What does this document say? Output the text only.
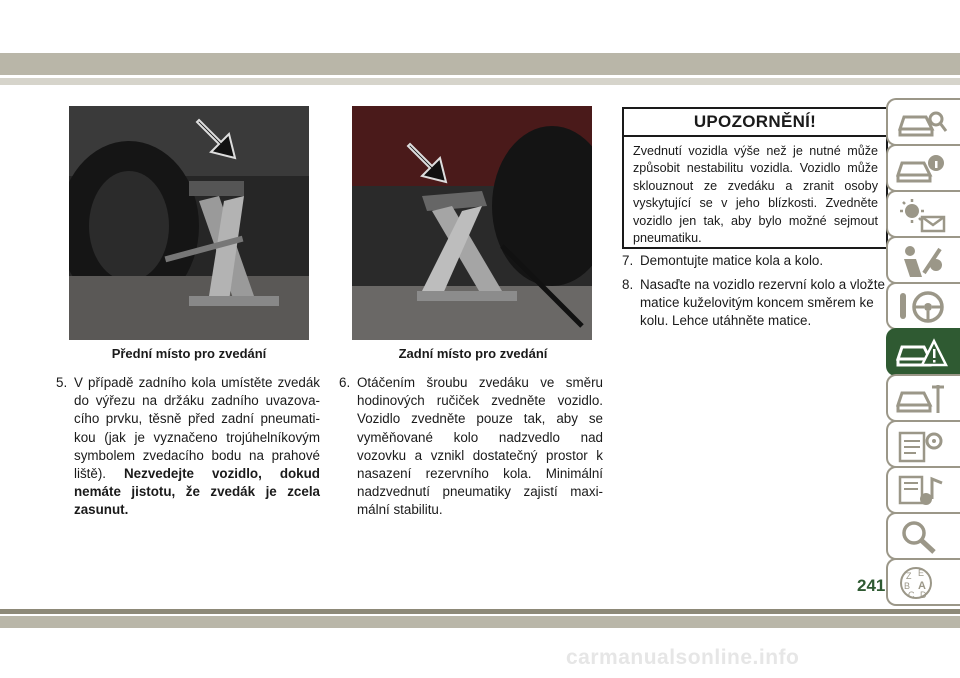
Přední místo pro zvedání	Zadní místo pro zvedání
5. V případě zadního kola umístěte zvedák do výřezu na držáku zadního uvazova-cího prvku, těsně před zadní pneumati-kou (jak je vyznačeno trojúhelníkovým symbolem zvedacího bodu na prahové liště). Nezvedejte vozidlo, dokud nemáte jistotu, že zvedák je zcela zasunut.
6. Otáčením šroubu zvedáku ve směru hodinových ručiček zvedněte vozidlo. Vozidlo zvedněte pouze tak, aby se vyměňované kolo nadzvedlo nad vozovku a vznikl dostatečný prostor k nasazení rezervního kola. Minimální nadzvednutí pneumatiky zajistí maxi-mální stabilitu.
UPOZORNĚNÍ!
Zvednutí vozidla výše než je nutné může způsobit nestabilitu vozidla. Vozidlo může sklouznout ze zvedáku a zranit osoby vyskytující se v jeho blízkosti. Zvedněte vozidlo jen tak, aby bylo možné sejmout pneumatiku.
7. Demontujte matice kola a kolo.
8. Nasaďte na vozidlo rezervní kolo a vložte matice kuželovitým koncem směrem ke kolu. Lehce utáhněte matice.
Z E
B A
C D
241
carmanualsonline.info
